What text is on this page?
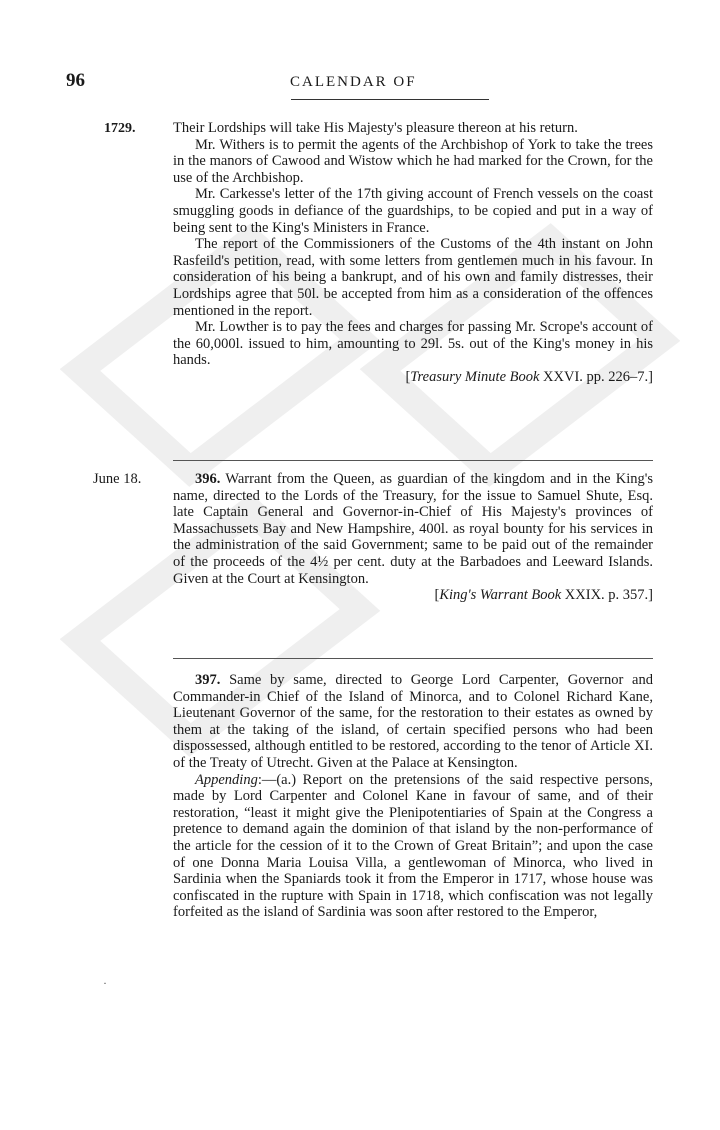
96	CALENDAR OF
1729.
June 18.
·

Their Lordships will take His Majesty's pleasure thereon at his return.

Mr. Withers is to permit the agents of the Archbishop of York to take the trees in the manors of Cawood and Wistow which he had marked for the Crown, for the use of the Archbishop.

Mr. Carkesse's letter of the 17th giving account of French vessels on the coast smuggling goods in defiance of the guardships, to be copied and put in a way of being sent to the King's Ministers in France.

The report of the Commissioners of the Customs of the 4th instant on John Rasfeild's petition, read, with some letters from gentlemen much in his favour. In consideration of his being a bankrupt, and of his own and family distresses, their Lordships agree that 50l. be accepted from him as a consideration of the offences mentioned in the report.

Mr. Lowther is to pay the fees and charges for passing Mr. Scrope's account of the 60,000l. issued to him, amounting to 29l. 5s. out of the King's money in his hands.

[Treasury Minute Book XXVI. pp. 226–7.]

396. Warrant from the Queen, as guardian of the kingdom and in the King's name, directed to the Lords of the Treasury, for the issue to Samuel Shute, Esq. late Captain General and Governor-in-Chief of His Majesty's provinces of Massachussets Bay and New Hampshire, 400l. as royal bounty for his services in the administration of the said Government; same to be paid out of the remainder of the proceeds of the 4½ per cent. duty at the Barbadoes and Leeward Islands. Given at the Court at Kensington.

[King's Warrant Book XXIX. p. 357.]

397. Same by same, directed to George Lord Carpenter, Governor and Commander-in Chief of the Island of Minorca, and to Colonel Richard Kane, Lieutenant Governor of the same, for the restoration to their estates as owned by them at the taking of the island, of certain specified persons who had been dispossessed, although entitled to be restored, according to the tenor of Article XI. of the Treaty of Utrecht. Given at the Palace at Kensington.

Appending:—(a.) Report on the pretensions of the said respective persons, made by Lord Carpenter and Colonel Kane in favour of same, and of their restoration, “least it might give the Plenipotentiaries of Spain at the Congress a pretence to demand again the dominion of that island by the non-performance of the article for the cession of it to the Crown of Great Britain”; and upon the case of one Donna Maria Louisa Villa, a gentlewoman of Minorca, who lived in Sardinia when the Spaniards took it from the Emperor in 1717, whose house was confiscated in the rupture with Spain in 1718, which confiscation was not legally forfeited as the island of Sardinia was soon after restored to the Emperor,
